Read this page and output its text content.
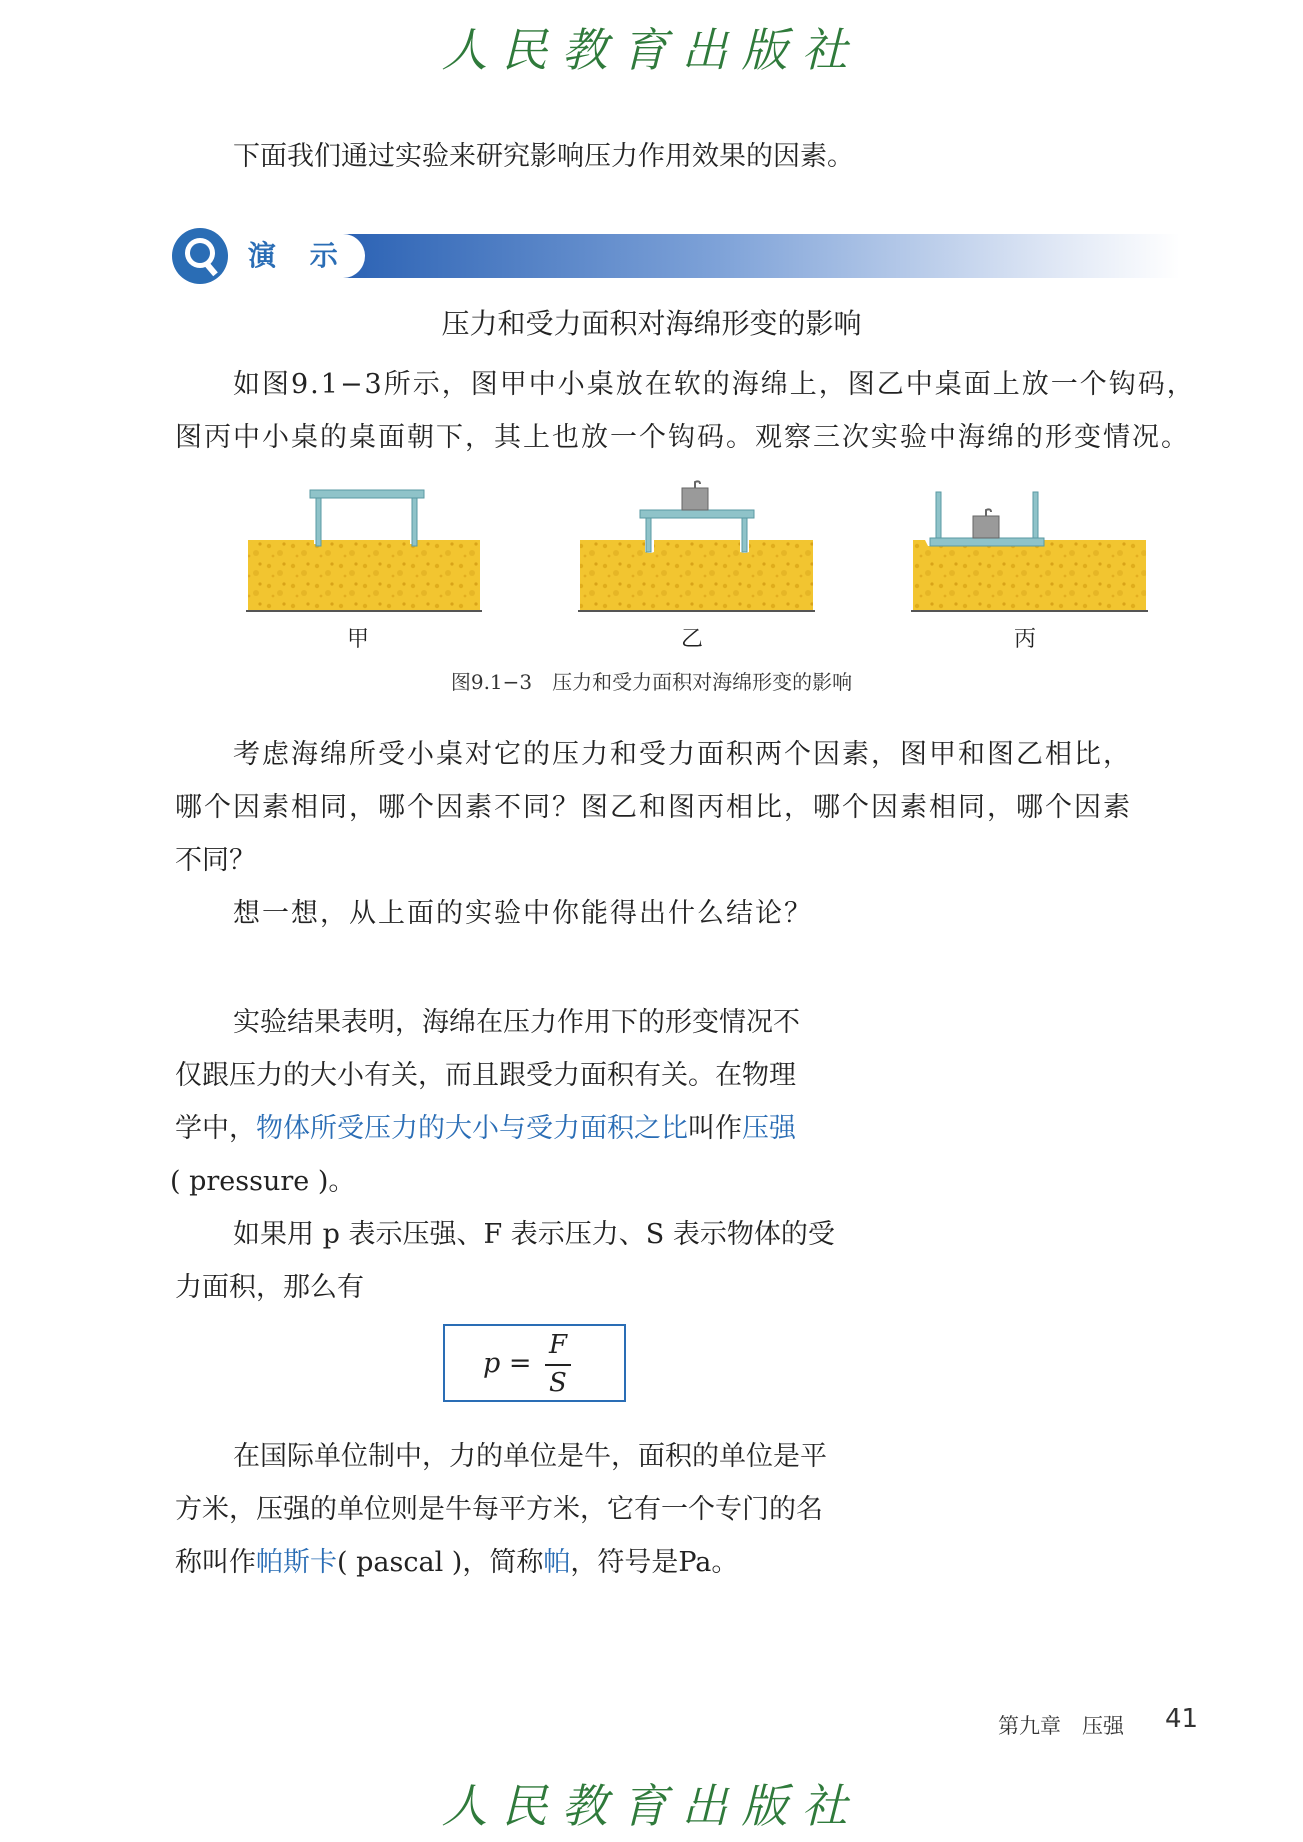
人民教育出版社
下面我们通过实验来研究影响压力作用效果的因素。
演 示
压力和受力面积对海绵形变的影响
如图9.1−3所示，图甲中小桌放在软的海绵上，图乙中桌面上放一个钩码，
图丙中小桌的桌面朝下，其上也放一个钩码。观察三次实验中海绵的形变情况。
甲	乙	丙
图9.1−3　压力和受力面积对海绵形变的影响
考虑海绵所受小桌对它的压力和受力面积两个因素，图甲和图乙相比，
哪个因素相同，哪个因素不同？图乙和图丙相比，哪个因素相同，哪个因素
不同？
想一想，从上面的实验中你能得出什么结论？
实验结果表明，海绵在压力作用下的形变情况不
仅跟压力的大小有关，而且跟受力面积有关。在物理
学中，物体所受压力的大小与受力面积之比叫作压强
( pressure )。
如果用 p 表示压强、F 表示压力、S 表示物体的受
力面积，那么有
p =
F
S
在国际单位制中，力的单位是牛，面积的单位是平
方米，压强的单位则是牛每平方米，它有一个专门的名
称叫作帕斯卡( pascal )，简称帕，符号是Pa。
第九章　压强 41
人民教育出版社
